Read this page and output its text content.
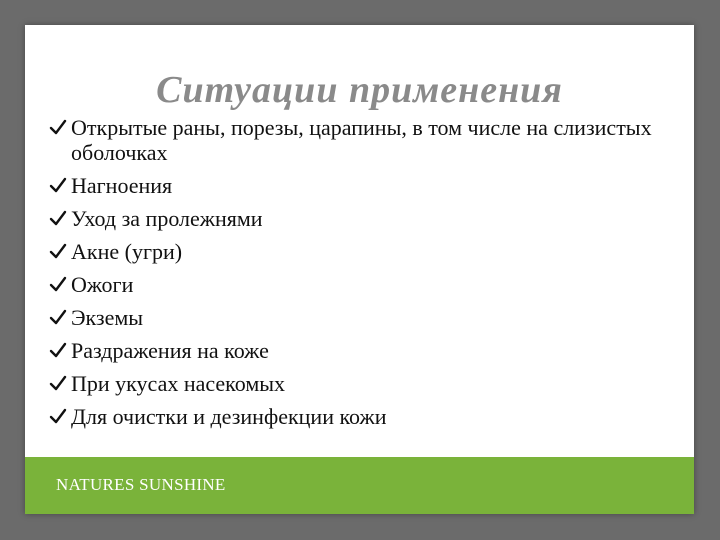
Ситуации применения
Открытые раны, порезы, царапины, в том числе на слизистых оболочках
Нагноения
Уход за пролежнями
Акне (угри)
Ожоги
Экземы
Раздражения на коже
При укусах насекомых
Для очистки и дезинфекции кожи
NATURES SUNSHINE
